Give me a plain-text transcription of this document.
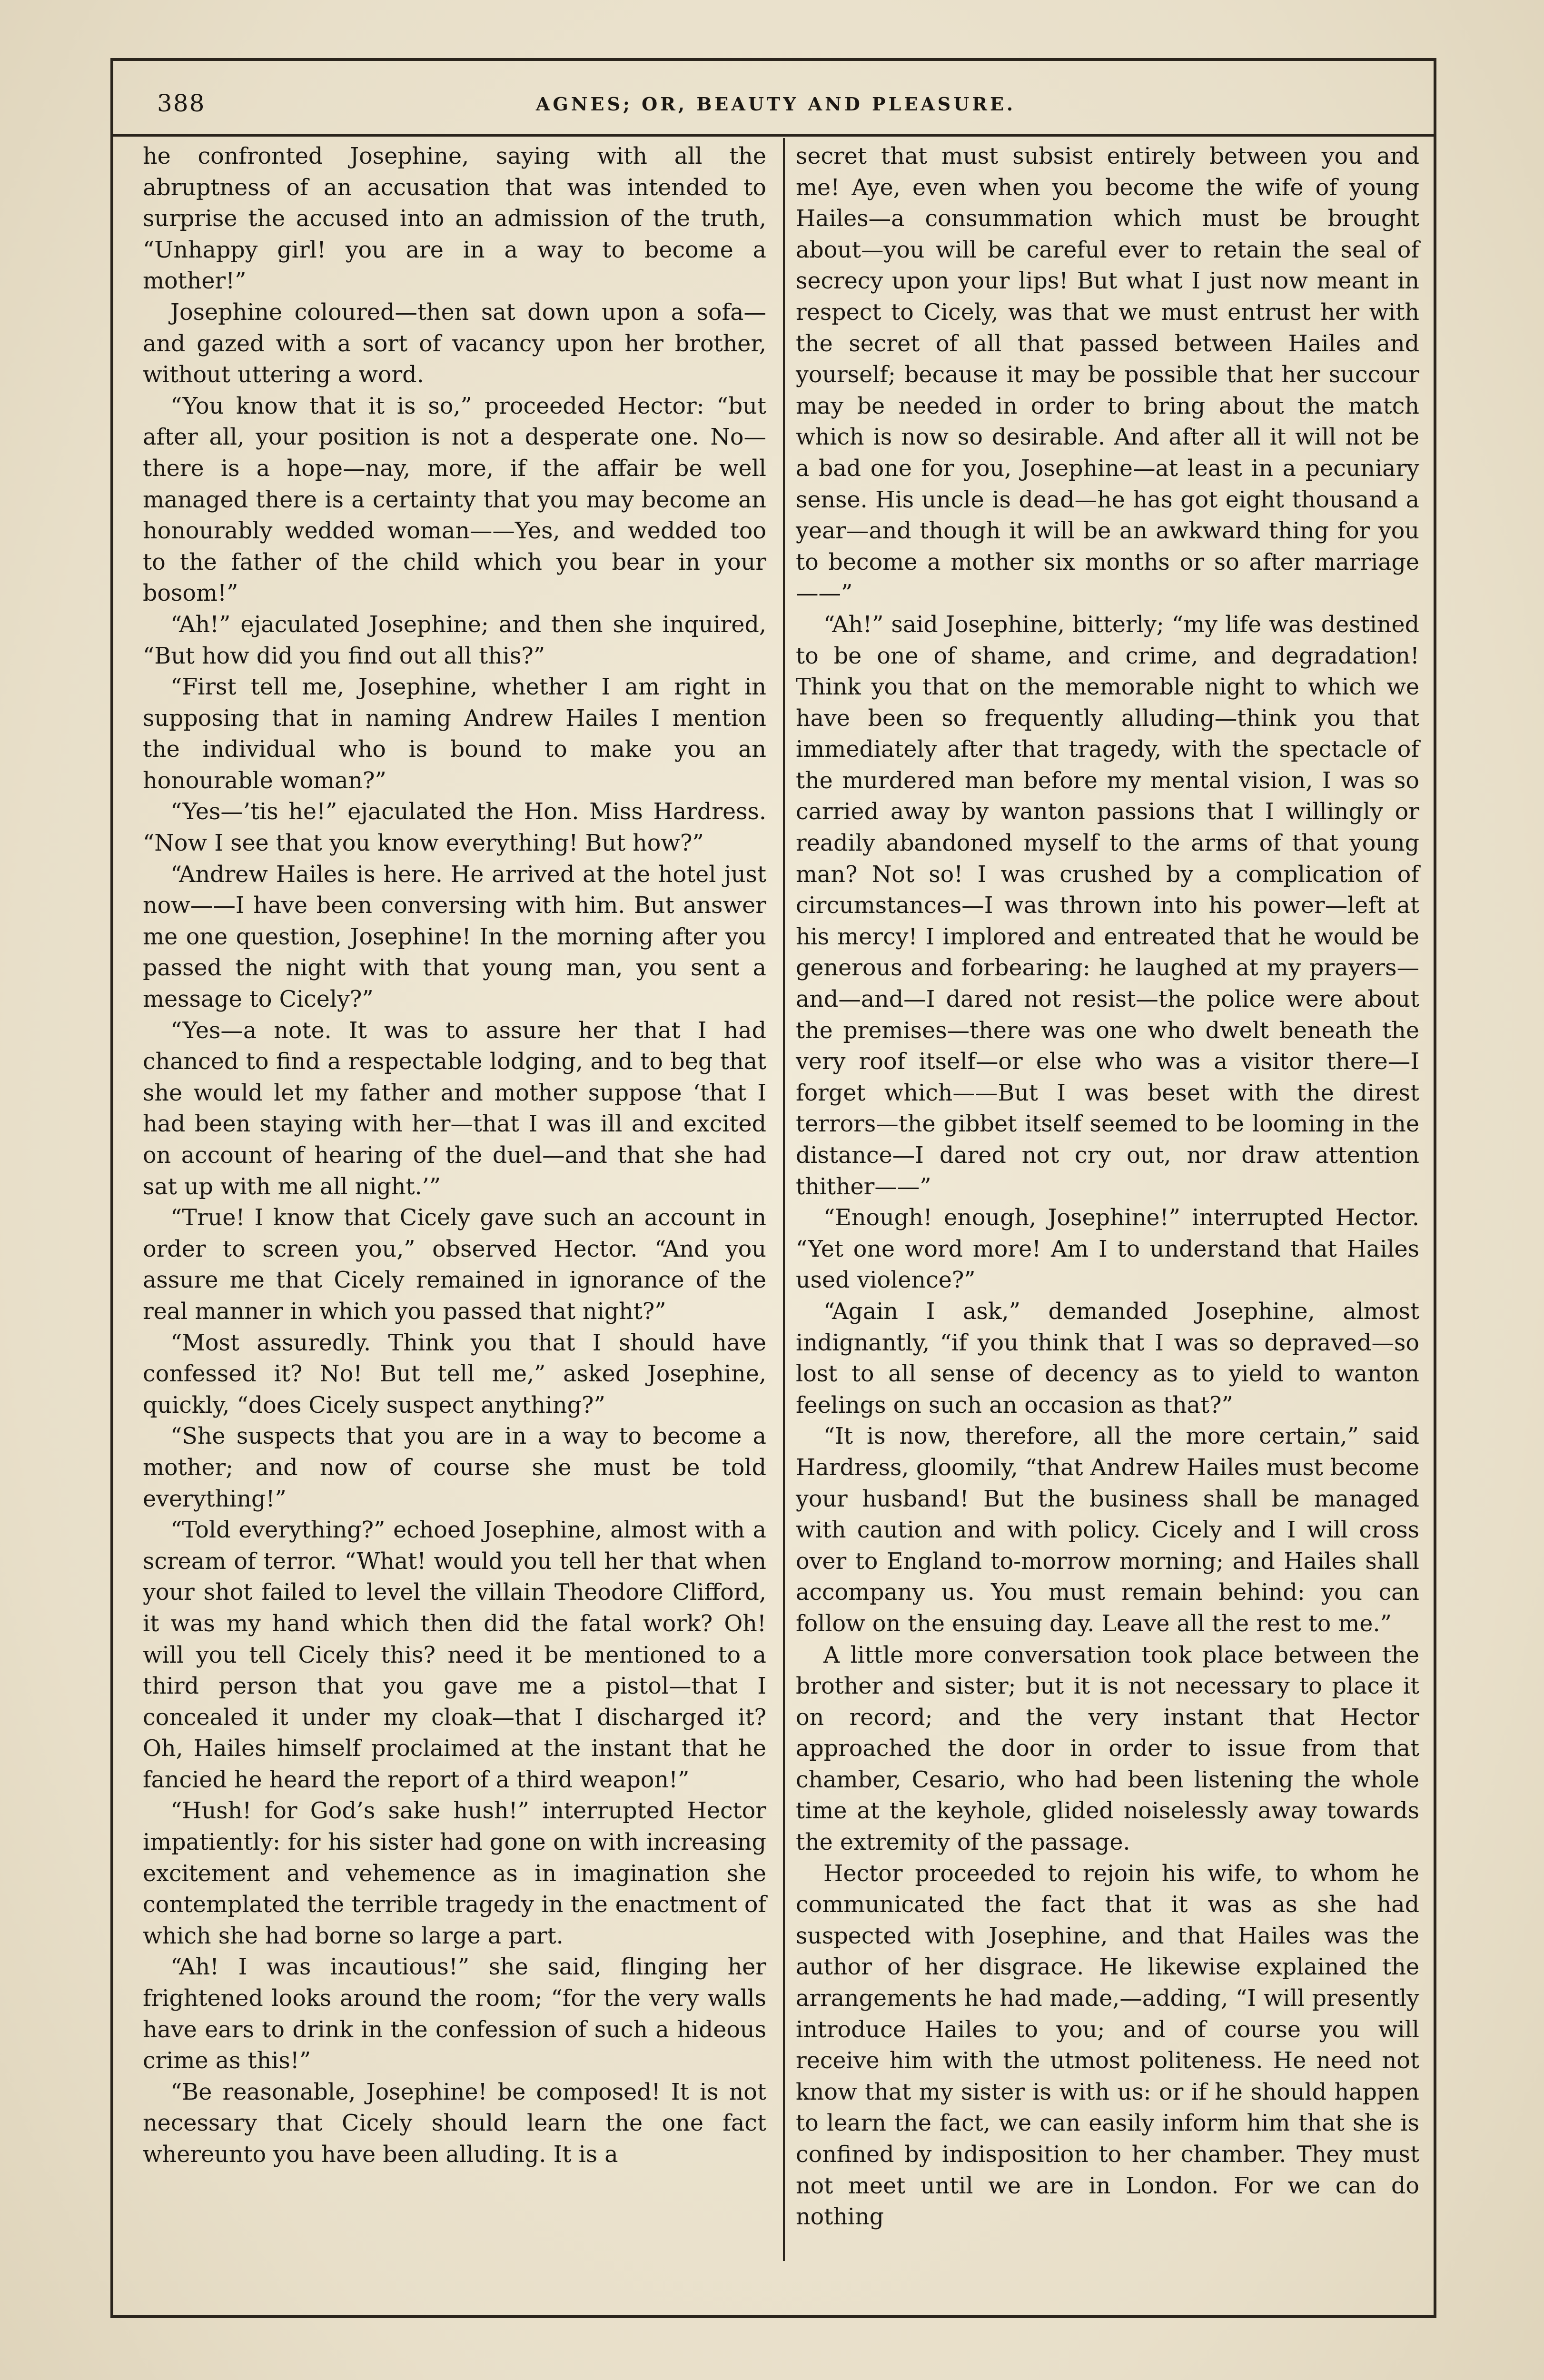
388	AGNES; OR, BEAUTY AND PLEASURE.

he confronted Josephine, saying with all the abruptness of an accusation that was intended to surprise the accused into an admission of the truth, “Unhappy girl! you are in a way to become a mother!”

Josephine coloured—then sat down upon a sofa—and gazed with a sort of vacancy upon her brother, without uttering a word.

“You know that it is so,” proceeded Hector: “but after all, your position is not a desperate one. No—there is a hope—nay, more, if the affair be well managed there is a certainty that you may become an honourably wedded woman——Yes, and wedded too to the father of the child which you bear in your bosom!”

“Ah!” ejaculated Josephine; and then she inquired, “But how did you find out all this?”

“First tell me, Josephine, whether I am right in supposing that in naming Andrew Hailes I mention the individual who is bound to make you an honourable woman?”

“Yes—’tis he!” ejaculated the Hon. Miss Hardress. “Now I see that you know everything! But how?”

“Andrew Hailes is here. He arrived at the hotel just now——I have been conversing with him. But answer me one question, Josephine! In the morning after you passed the night with that young man, you sent a message to Cicely?”

“Yes—a note. It was to assure her that I had chanced to find a respectable lodging, and to beg that she would let my father and mother suppose ‘that I had been staying with her—that I was ill and excited on account of hearing of the duel—and that she had sat up with me all night.’”

“True! I know that Cicely gave such an account in order to screen you,” observed Hector. “And you assure me that Cicely remained in ignorance of the real manner in which you passed that night?”

“Most assuredly. Think you that I should have confessed it? No! But tell me,” asked Josephine, quickly, “does Cicely suspect anything?”

“She suspects that you are in a way to become a mother; and now of course she must be told everything!”

“Told everything?” echoed Josephine, almost with a scream of terror. “What! would you tell her that when your shot failed to level the villain Theodore Clifford, it was my hand which then did the fatal work? Oh! will you tell Cicely this? need it be mentioned to a third person that you gave me a pistol—that I concealed it under my cloak—that I discharged it? Oh, Hailes himself proclaimed at the instant that he fancied he heard the report of a third weapon!”

“Hush! for God’s sake hush!” interrupted Hector impatiently: for his sister had gone on with increasing excitement and vehemence as in imagination she contemplated the terrible tragedy in the enactment of which she had borne so large a part.

“Ah! I was incautious!” she said, flinging her frightened looks around the room; “for the very walls have ears to drink in the confession of such a hideous crime as this!”

“Be reasonable, Josephine! be composed! It is not necessary that Cicely should learn the one fact whereunto you have been alluding. It is a

secret that must subsist entirely between you and me! Aye, even when you become the wife of young Hailes—a consummation which must be brought about—you will be careful ever to retain the seal of secrecy upon your lips! But what I just now meant in respect to Cicely, was that we must entrust her with the secret of all that passed between Hailes and yourself; because it may be possible that her succour may be needed in order to bring about the match which is now so desirable. And after all it will not be a bad one for you, Josephine—at least in a pecuniary sense. His uncle is dead—he has got eight thousand a year—and though it will be an awkward thing for you to become a mother six months or so after marriage——”

“Ah!” said Josephine, bitterly; “my life was destined to be one of shame, and crime, and degradation! Think you that on the memorable night to which we have been so frequently alluding—think you that immediately after that tragedy, with the spectacle of the murdered man before my mental vision, I was so carried away by wanton passions that I willingly or readily abandoned myself to the arms of that young man? Not so! I was crushed by a complication of circumstances—I was thrown into his power—left at his mercy! I implored and entreated that he would be generous and forbearing: he laughed at my prayers—and—and—I dared not resist—the police were about the premises—there was one who dwelt beneath the very roof itself—or else who was a visitor there—I forget which——But I was beset with the direst terrors—the gibbet itself seemed to be looming in the distance—I dared not cry out, nor draw attention thither——”

“Enough! enough, Josephine!” interrupted Hector. “Yet one word more! Am I to understand that Hailes used violence?”

“Again I ask,” demanded Josephine, almost indignantly, “if you think that I was so depraved—so lost to all sense of decency as to yield to wanton feelings on such an occasion as that?”

“It is now, therefore, all the more certain,” said Hardress, gloomily, “that Andrew Hailes must become your husband! But the business shall be managed with caution and with policy. Cicely and I will cross over to England to-morrow morning; and Hailes shall accompany us. You must remain behind: you can follow on the ensuing day. Leave all the rest to me.”

A little more conversation took place between the brother and sister; but it is not necessary to place it on record; and the very instant that Hector approached the door in order to issue from that chamber, Cesario, who had been listening the whole time at the keyhole, glided noiselessly away towards the extremity of the passage.

Hector proceeded to rejoin his wife, to whom he communicated the fact that it was as she had suspected with Josephine, and that Hailes was the author of her disgrace. He likewise explained the arrangements he had made,—adding, “I will presently introduce Hailes to you; and of course you will receive him with the utmost politeness. He need not know that my sister is with us: or if he should happen to learn the fact, we can easily inform him that she is confined by indisposition to her chamber. They must not meet until we are in London. For we can do nothing
